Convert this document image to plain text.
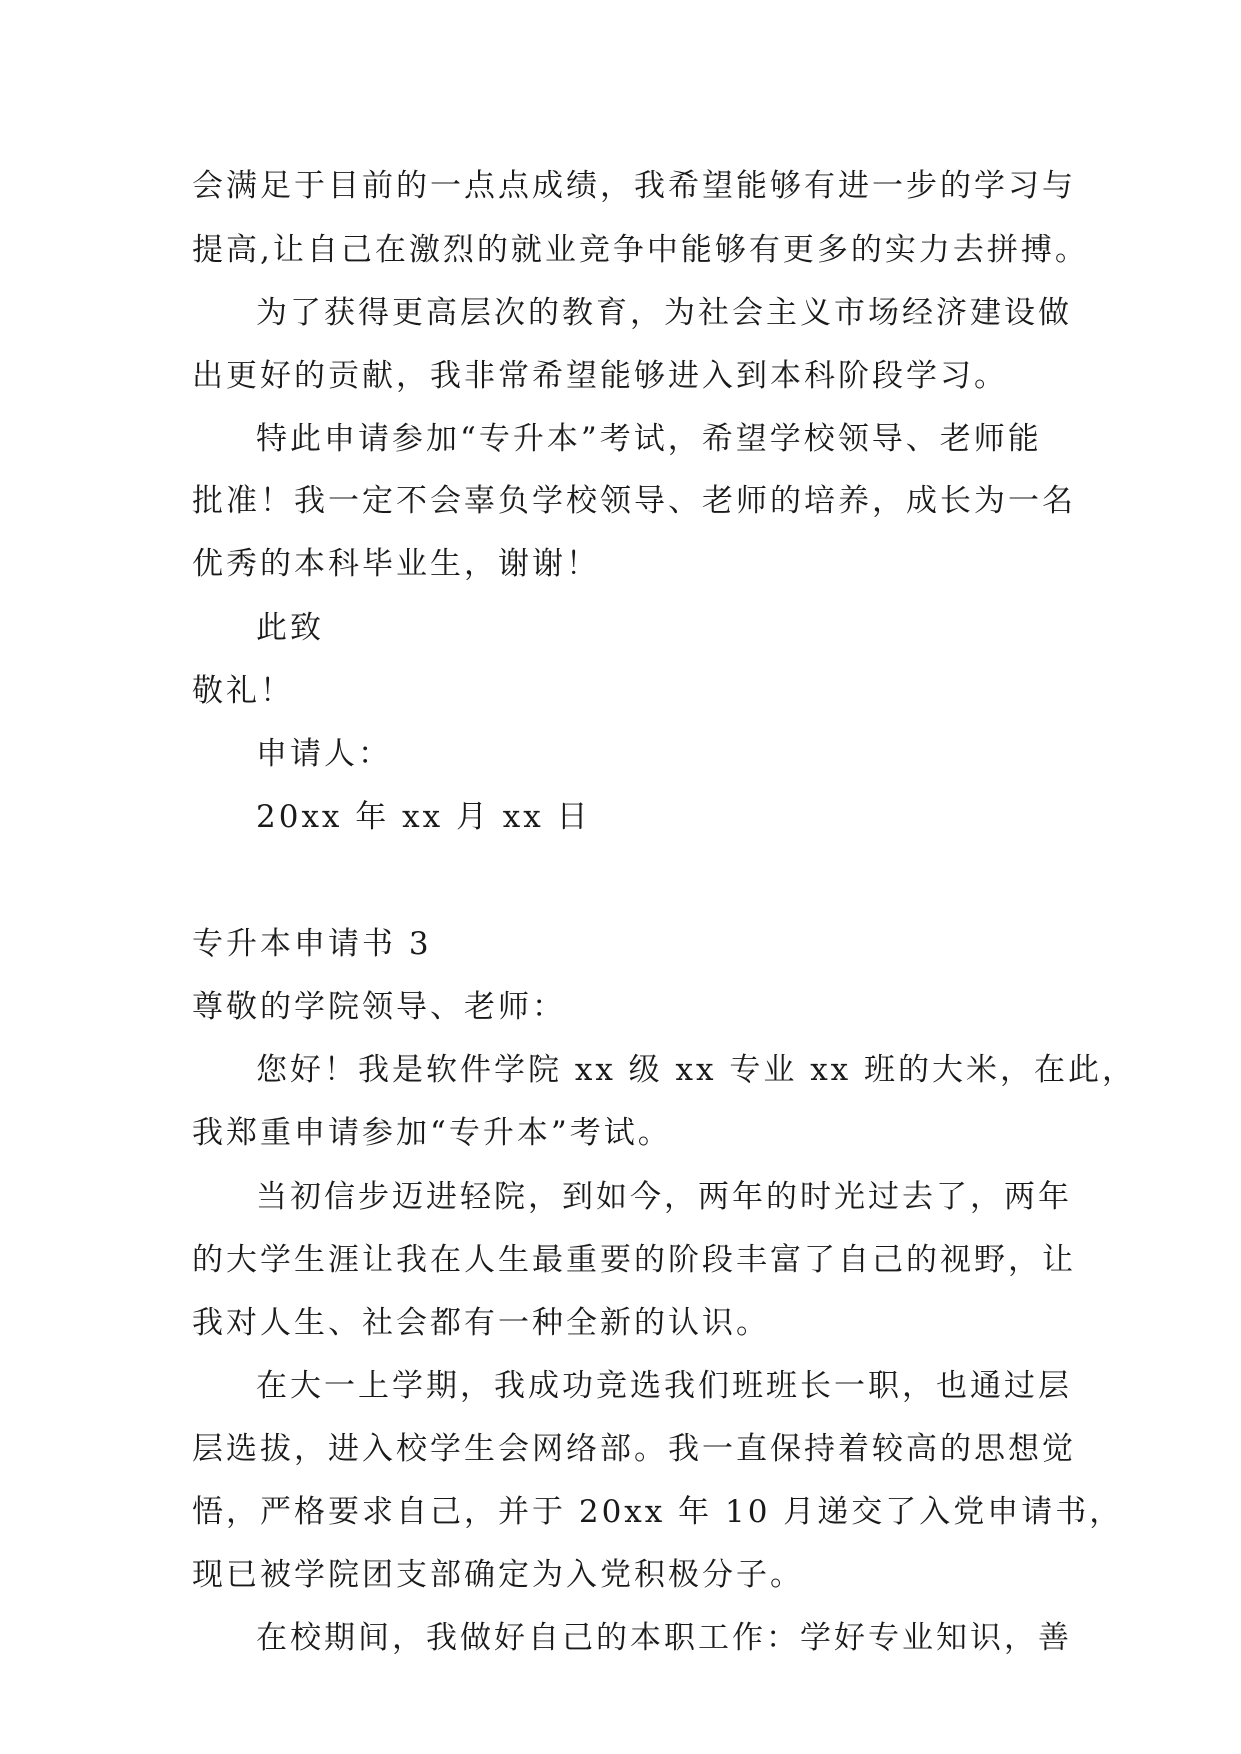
会满足于目前的一点点成绩，我希望能够有进一步的学习与
提高,让自己在激烈的就业竞争中能够有更多的实力去拼搏。
为了获得更高层次的教育，为社会主义市场经济建设做
出更好的贡献，我非常希望能够进入到本科阶段学习。
特此申请参加“专升本”考试，希望学校领导、老师能
批准！我一定不会辜负学校领导、老师的培养，成长为一名
优秀的本科毕业生，谢谢！
此致
敬礼！
申请人：
20xx 年 xx 月 xx 日
专升本申请书 3
尊敬的学院领导、老师：
您好！我是软件学院 xx 级 xx 专业 xx 班的大米，在此，
我郑重申请参加“专升本”考试。
当初信步迈进轻院，到如今，两年的时光过去了，两年
的大学生涯让我在人生最重要的阶段丰富了自己的视野，让
我对人生、社会都有一种全新的认识。
在大一上学期，我成功竞选我们班班长一职，也通过层
层选拔，进入校学生会网络部。我一直保持着较高的思想觉
悟，严格要求自己，并于 20xx 年 10 月递交了入党申请书，
现已被学院团支部确定为入党积极分子。
在校期间，我做好自己的本职工作：学好专业知识，善
